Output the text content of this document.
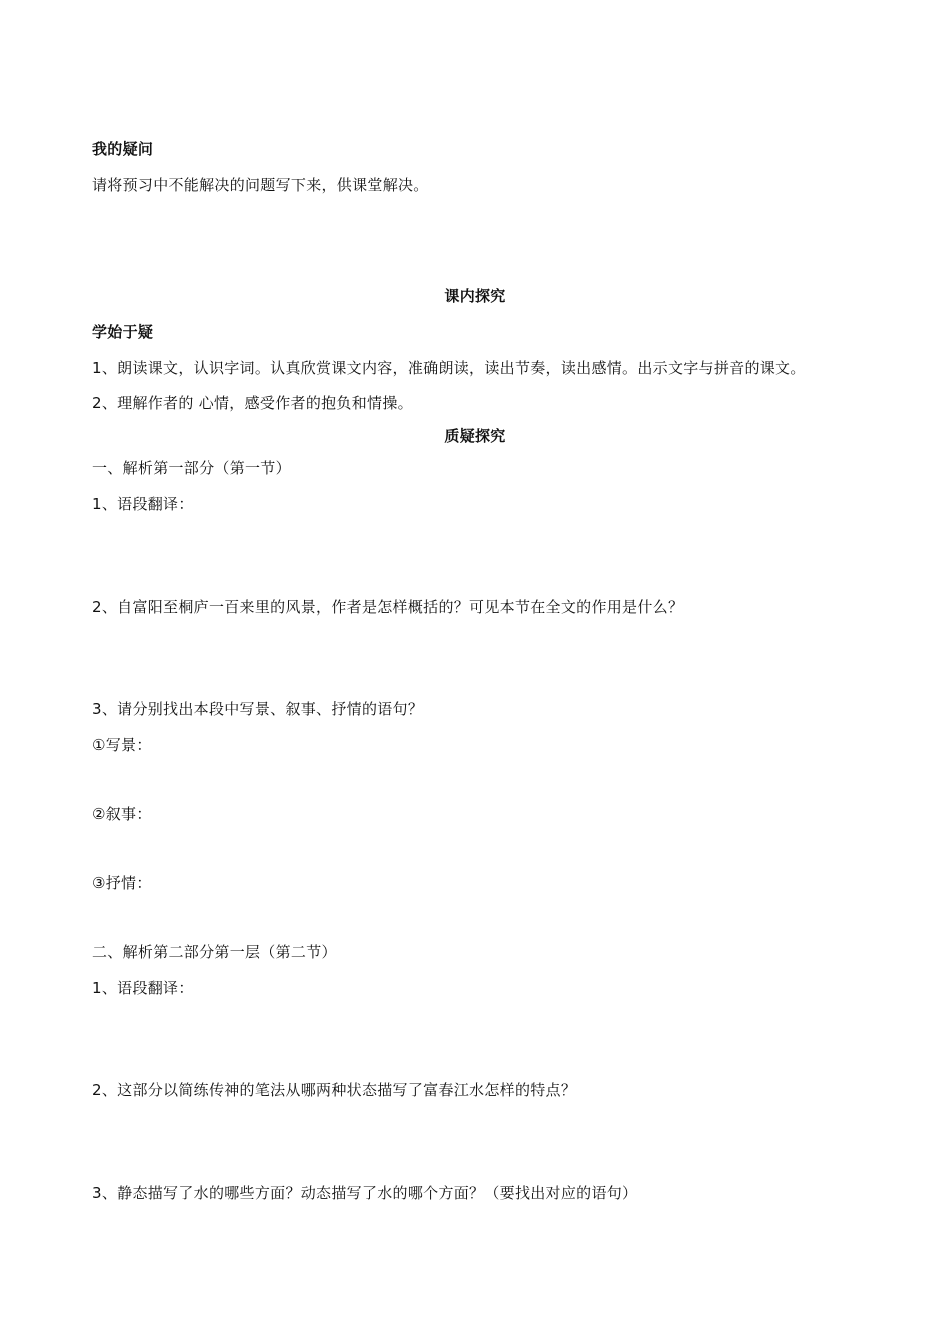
我的疑问
请将预习中不能解决的问题写下来，供课堂解决。
课内探究
学始于疑
1、朗读课文，认识字词。认真欣赏课文内容，准确朗读，读出节奏，读出感情。出示文字与拼音的课文。
2、理解作者的 心情，感受作者的抱负和情操。
质疑探究
一、解析第一部分（第一节）
1、语段翻译：
2、自富阳至桐庐一百来里的风景，作者是怎样概括的？可见本节在全文的作用是什么？
3、请分别找出本段中写景、叙事、抒情的语句？
①写景：
②叙事：
③抒情：
二、解析第二部分第一层（第二节）
1、语段翻译：
2、这部分以简练传神的笔法从哪两种状态描写了富春江水怎样的特点？
3、静态描写了水的哪些方面？动态描写了水的哪个方面？（要找出对应的语句）
